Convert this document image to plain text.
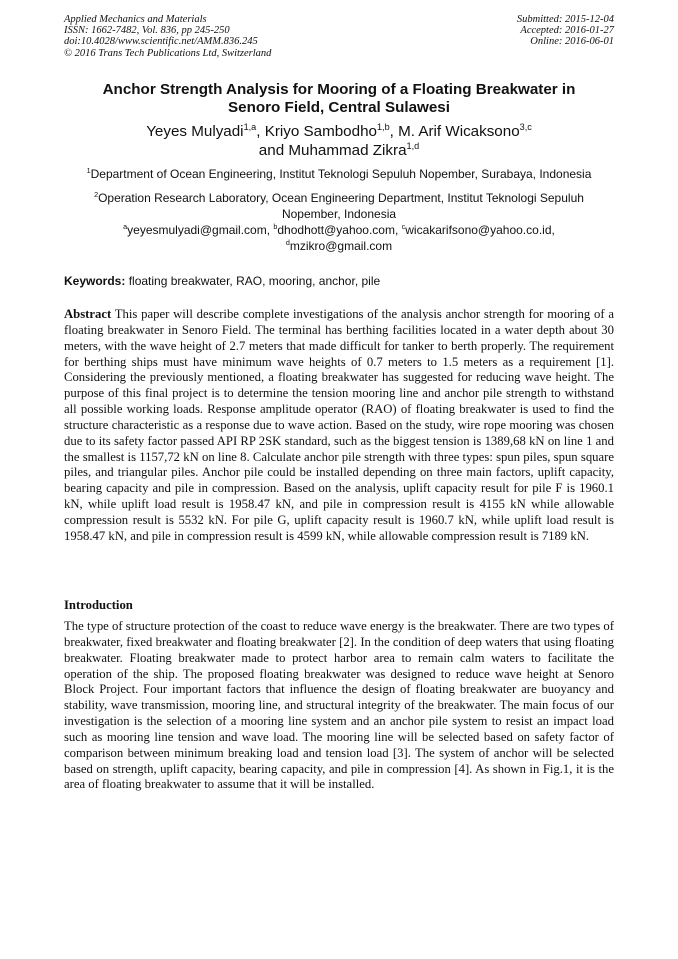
Applied Mechanics and Materials
ISSN: 1662-7482, Vol. 836, pp 245-250
doi:10.4028/www.scientific.net/AMM.836.245
© 2016 Trans Tech Publications Ltd, Switzerland
Submitted: 2015-12-04
Accepted: 2016-01-27
Online: 2016-06-01
Anchor Strength Analysis for Mooring of a Floating Breakwater in
Senoro Field, Central Sulawesi
Yeyes Mulyadi$^{1,a}$, Kriyo Sambodho$^{1,b}$, M. Arif Wicaksono$^{3,c}$
and Muhammad Zikra$^{1,d}$
$^1$Department of Ocean Engineering, Institut Teknologi Sepuluh Nopember, Surabaya, Indonesia
$^2$Operation Research Laboratory, Ocean Engineering Department, Institut Teknologi Sepuluh Nopember, Indonesia
$^a$yeyesmulyadi@gmail.com, $^b$dhodhott@yahoo.com, $^c$wicakarifsono@yahoo.co.id,
$^d$mzikro@gmail.com
Keywords: floating breakwater, RAO, mooring, anchor, pile
Abstract This paper will describe complete investigations of the analysis anchor strength for mooring of a floating breakwater in Senoro Field. The terminal has berthing facilities located in a water depth about 30 meters, with the wave height of 2.7 meters that made difficult for tanker to berth properly. The requirement for berthing ships must have minimum wave heights of 0.7 meters to 1.5 meters as a requirement [1]. Considering the previously mentioned, a floating breakwater has suggested for reducing wave height. The purpose of this final project is to determine the tension mooring line and anchor pile strength to withstand all possible working loads. Response amplitude operator (RAO) of floating breakwater is used to find the structure characteristic as a response due to wave action. Based on the study, wire rope mooring was chosen due to its safety factor passed API RP 2SK standard, such as the biggest tension is 1389,68 kN on line 1 and the smallest is 1157,72 kN on line 8. Calculate anchor pile strength with three types: spun piles, spun square piles, and triangular piles. Anchor pile could be installed depending on three main factors, uplift capacity, bearing capacity and pile in compression. Based on the analysis, uplift capacity result for pile F is 1960.1 kN, while uplift load result is 1958.47 kN, and pile in compression result is 4155 kN while allowable compression result is 5532 kN. For pile G, uplift capacity result is 1960.7 kN, while uplift load result is 1958.47 kN, and pile in compression result is 4599 kN, while allowable compression result is 7189 kN.
Introduction
The type of structure protection of the coast to reduce wave energy is the breakwater. There are two types of breakwater, fixed breakwater and floating breakwater [2]. In the condition of deep waters that using floating breakwater. Floating breakwater made to protect harbor area to remain calm waters to facilitate the operation of the ship. The proposed floating breakwater was designed to reduce wave height at Senoro Block Project. Four important factors that influence the design of floating breakwater are buoyancy and stability, wave transmission, mooring line, and structural integrity of the breakwater. The main focus of our investigation is the selection of a mooring line system and an anchor pile system to resist an impact load such as mooring line tension and wave load. The mooring line will be selected based on safety factor of comparison between minimum breaking load and tension load [3]. The system of anchor will be selected based on strength, uplift capacity, bearing capacity, and pile in compression [4]. As shown in Fig.1, it is the area of floating breakwater to assume that it will be installed.
